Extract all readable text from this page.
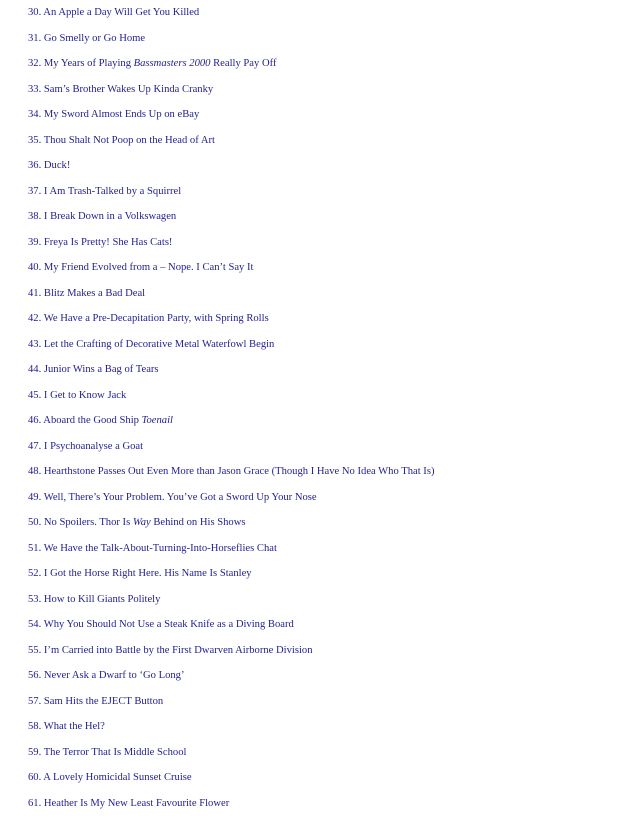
30. An Apple a Day Will Get You Killed
31. Go Smelly or Go Home
32. My Years of Playing Bassmasters 2000 Really Pay Off
33. Sam’s Brother Wakes Up Kinda Cranky
34. My Sword Almost Ends Up on eBay
35. Thou Shalt Not Poop on the Head of Art
36. Duck!
37. I Am Trash-Talked by a Squirrel
38. I Break Down in a Volkswagen
39. Freya Is Pretty! She Has Cats!
40. My Friend Evolved from a – Nope. I Can’t Say It
41. Blitz Makes a Bad Deal
42. We Have a Pre-Decapitation Party, with Spring Rolls
43. Let the Crafting of Decorative Metal Waterfowl Begin
44. Junior Wins a Bag of Tears
45. I Get to Know Jack
46. Aboard the Good Ship Toenail
47. I Psychoanalyse a Goat
48. Hearthstone Passes Out Even More than Jason Grace (Though I Have No Idea Who That Is)
49. Well, There’s Your Problem. You’ve Got a Sword Up Your Nose
50. No Spoilers. Thor Is Way Behind on His Shows
51. We Have the Talk-About-Turning-Into-Horseflies Chat
52. I Got the Horse Right Here. His Name Is Stanley
53. How to Kill Giants Politely
54. Why You Should Not Use a Steak Knife as a Diving Board
55. I’m Carried into Battle by the First Dwarven Airborne Division
56. Never Ask a Dwarf to ‘Go Long’
57. Sam Hits the EJECT Button
58. What the Hel?
59. The Terror That Is Middle School
60. A Lovely Homicidal Sunset Cruise
61. Heather Is My New Least Favourite Flower
